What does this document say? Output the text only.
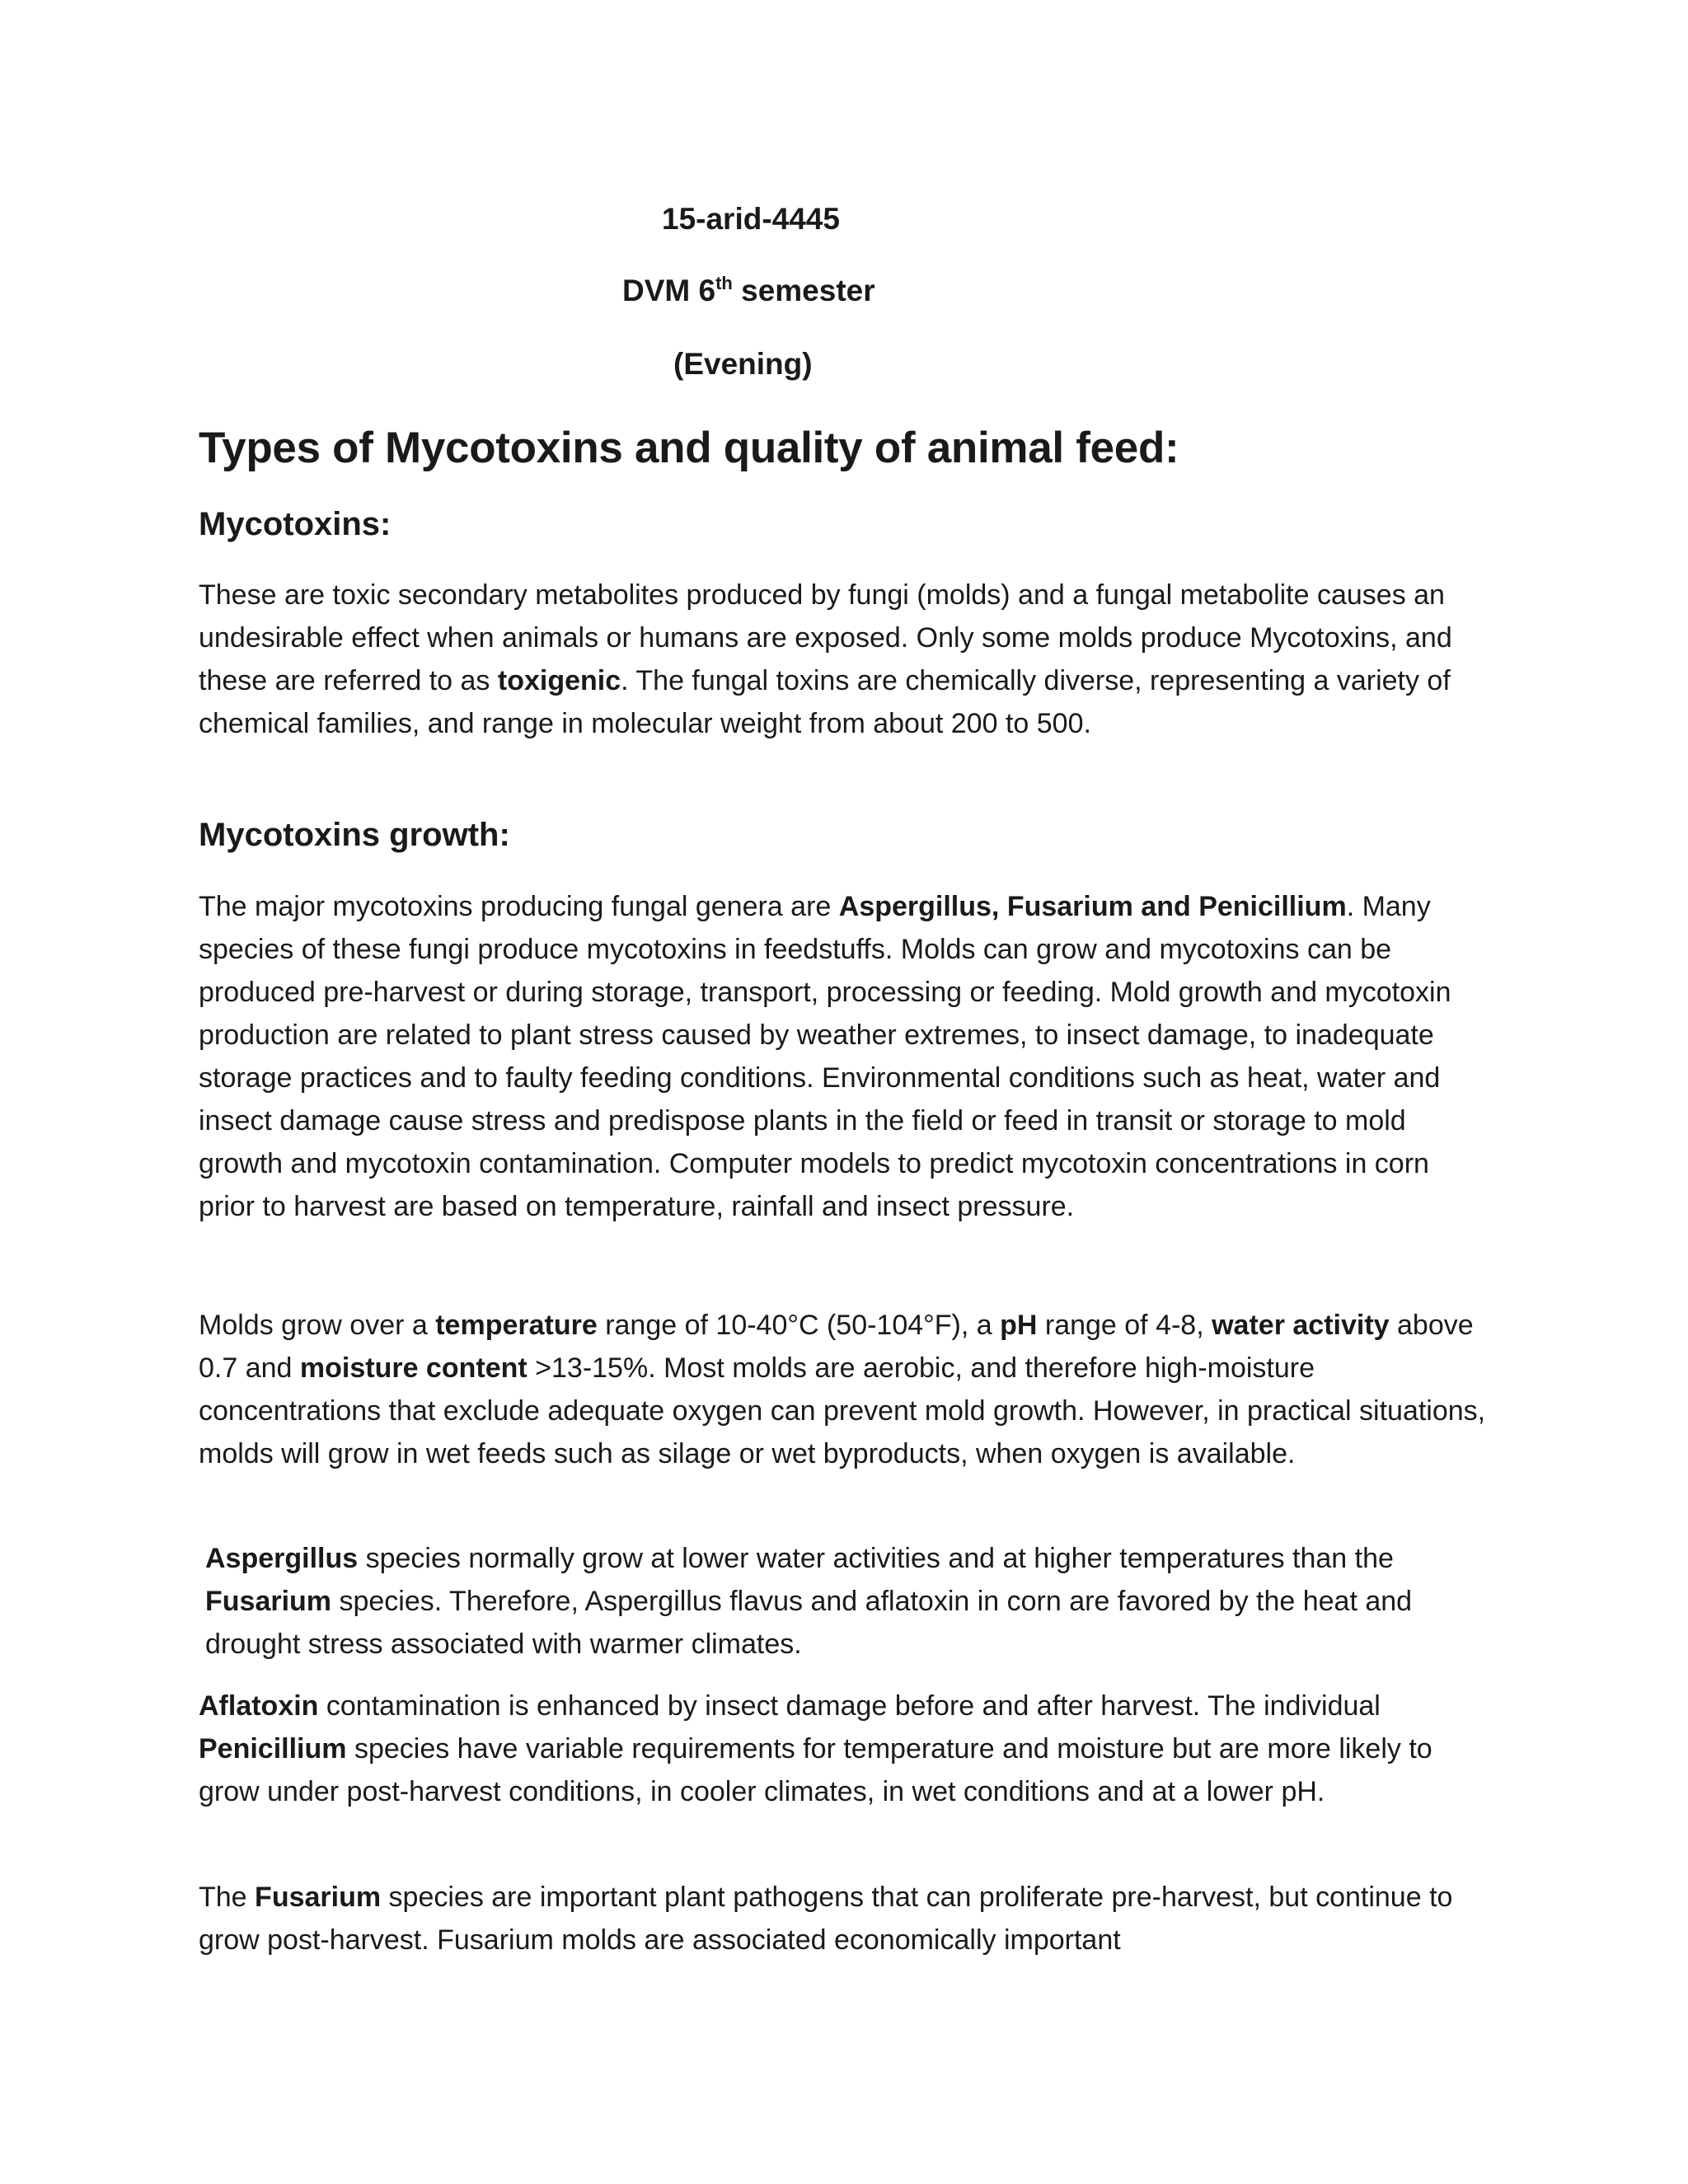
15-arid-4445
DVM 6th semester
(Evening)
Types of Mycotoxins and quality of animal feed:
Mycotoxins:
These are toxic secondary metabolites produced by fungi (molds) and a fungal metabolite causes an undesirable effect when animals or humans are exposed. Only some molds produce Mycotoxins, and these are referred to as toxigenic. The fungal toxins are chemically diverse, representing a variety of chemical families, and range in molecular weight from about 200 to 500.
Mycotoxins growth:
The major mycotoxins producing fungal genera are Aspergillus, Fusarium and Penicillium. Many species of these fungi produce mycotoxins in feedstuffs. Molds can grow and mycotoxins can be produced pre-harvest or during storage, transport, processing or feeding. Mold growth and mycotoxin production are related to plant stress caused by weather extremes, to insect damage, to inadequate storage practices and to faulty feeding conditions. Environmental conditions such as heat, water and insect damage cause stress and predispose plants in the field or feed in transit or storage to mold growth and mycotoxin contamination. Computer models to predict mycotoxin concentrations in corn prior to harvest are based on temperature, rainfall and insect pressure.
Molds grow over a temperature range of 10-40°C (50-104°F), a pH range of 4-8, water activity above 0.7 and moisture content >13-15%. Most molds are aerobic, and therefore high-moisture concentrations that exclude adequate oxygen can prevent mold growth. However, in practical situations, molds will grow in wet feeds such as silage or wet byproducts, when oxygen is available.
Aspergillus species normally grow at lower water activities and at higher temperatures than the Fusarium species. Therefore, Aspergillus flavus and aflatoxin in corn are favored by the heat and drought stress associated with warmer climates.
Aflatoxin contamination is enhanced by insect damage before and after harvest. The individual Penicillium species have variable requirements for temperature and moisture but are more likely to grow under post-harvest conditions, in cooler climates, in wet conditions and at a lower pH.
The Fusarium species are important plant pathogens that can proliferate pre-harvest, but continue to grow post-harvest. Fusarium molds are associated economically important
